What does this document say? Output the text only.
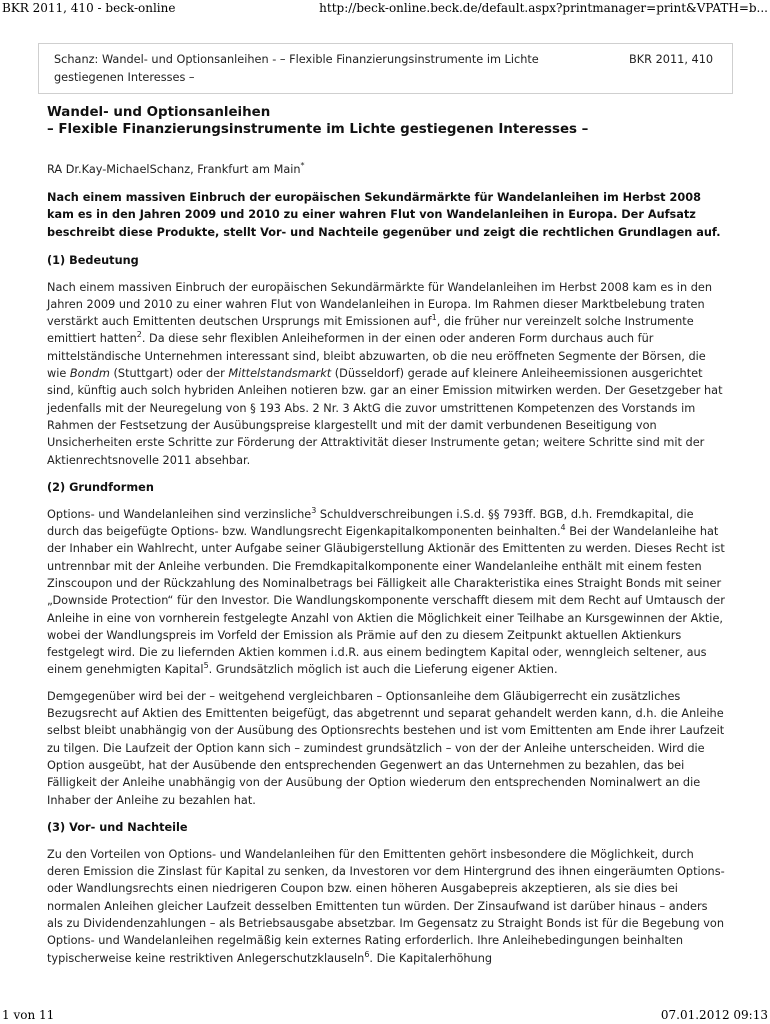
BKR 2011, 410 - beck-online	http://beck-online.beck.de/default.aspx?printmanager=print&VPATH=b...
Schanz: Wandel- und Optionsanleihen - – Flexible Finanzierungsinstrumente im Lichte gestiegenen Interesses –
BKR 2011, 410
Wandel- und Optionsanleihen
– Flexible Finanzierungsinstrumente im Lichte gestiegenen Interesses –
RA Dr.Kay-MichaelSchanz, Frankfurt am Main*
Nach einem massiven Einbruch der europäischen Sekundärmärkte für Wandelanleihen im Herbst 2008 kam es in den Jahren 2009 und 2010 zu einer wahren Flut von Wandelanleihen in Europa. Der Aufsatz beschreibt diese Produkte, stellt Vor- und Nachteile gegenüber und zeigt die rechtlichen Grundlagen auf.
(1) Bedeutung

Nach einem massiven Einbruch der europäischen Sekundärmärkte für Wandelanleihen im Herbst 2008 kam es in den Jahren 2009 und 2010 zu einer wahren Flut von Wandelanleihen in Europa. Im Rahmen dieser Marktbelebung traten verstärkt auch Emittenten deutschen Ursprungs mit Emissionen auf$^1$, die früher nur vereinzelt solche Instrumente emittiert hatten$^2$. Da diese sehr flexiblen Anleiheformen in der einen oder anderen Form durchaus auch für mittelständische Unternehmen interessant sind, bleibt abzuwarten, ob die neu eröffneten Segmente der Börsen, die wie Bondm (Stuttgart) oder der Mittelstandsmarkt (Düsseldorf) gerade auf kleinere Anleiheemissionen ausgerichtet sind, künftig auch solch hybriden Anleihen notieren bzw. gar an einer Emission mitwirken werden. Der Gesetzgeber hat jedenfalls mit der Neuregelung von § 193 Abs. 2 Nr. 3 AktG die zuvor umstrittenen Kompetenzen des Vorstands im Rahmen der Festsetzung der Ausübungspreise klargestellt und mit der damit verbundenen Beseitigung von Unsicherheiten erste Schritte zur Förderung der Attraktivität dieser Instrumente getan; weitere Schritte sind mit der Aktienrechtsnovelle 2011 absehbar.

(2) Grundformen

Options- und Wandelanleihen sind verzinsliche$^3$ Schuldverschreibungen i.S.d. §§ 793ff. BGB, d.h. Fremdkapital, die durch das beigefügte Options- bzw. Wandlungsrecht Eigenkapitalkomponenten beinhalten.$^4$ Bei der Wandelanleihe hat der Inhaber ein Wahlrecht, unter Aufgabe seiner Gläubigerstellung Aktionär des Emittenten zu werden. Dieses Recht ist untrennbar mit der Anleihe verbunden. Die Fremdkapitalkomponente einer Wandelanleihe enthält mit einem festen Zinscoupon und der Rückzahlung des Nominalbetrags bei Fälligkeit alle Charakteristika eines Straight Bonds mit seiner „Downside Protection“ für den Investor. Die Wandlungskomponente verschafft diesem mit dem Recht auf Umtausch der Anleihe in eine von vornherein festgelegte Anzahl von Aktien die Möglichkeit einer Teilhabe an Kursgewinnen der Aktie, wobei der Wandlungspreis im Vorfeld der Emission als Prämie auf den zu diesem Zeitpunkt aktuellen Aktienkurs festgelegt wird. Die zu liefernden Aktien kommen i.d.R. aus einem bedingtem Kapital oder, wenngleich seltener, aus einem genehmigten Kapital$^5$. Grundsätzlich möglich ist auch die Lieferung eigener Aktien.

Demgegenüber wird bei der – weitgehend vergleichbaren – Optionsanleihe dem Gläubigerrecht ein zusätzliches Bezugsrecht auf Aktien des Emittenten beigefügt, das abgetrennt und separat gehandelt werden kann, d.h. die Anleihe selbst bleibt unabhängig von der Ausübung des Optionsrechts bestehen und ist vom Emittenten am Ende ihrer Laufzeit zu tilgen. Die Laufzeit der Option kann sich – zumindest grundsätzlich – von der der Anleihe unterscheiden. Wird die Option ausgeübt, hat der Ausübende den entsprechenden Gegenwert an das Unternehmen zu bezahlen, das bei Fälligkeit der Anleihe unabhängig von der Ausübung der Option wiederum den entsprechenden Nominalwert an die Inhaber der Anleihe zu bezahlen hat.

(3) Vor- und Nachteile

Zu den Vorteilen von Options- und Wandelanleihen für den Emittenten gehört insbesondere die Möglichkeit, durch deren Emission die Zinslast für Kapital zu senken, da Investoren vor dem Hintergrund des ihnen eingeräumten Options- oder Wandlungsrechts einen niedrigeren Coupon bzw. einen höheren Ausgabepreis akzeptieren, als sie dies bei normalen Anleihen gleicher Laufzeit desselben Emittenten tun würden. Der Zinsaufwand ist darüber hinaus – anders als zu Dividendenzahlungen – als Betriebsausgabe absetzbar. Im Gegensatz zu Straight Bonds ist für die Begebung von Options- und Wandelanleihen regelmäßig kein externes Rating erforderlich. Ihre Anleihebedingungen beinhalten typischerweise keine restriktiven Anlegerschutzklauseln$^6$. Die Kapitalerhöhung

1 von 11	07.01.2012 09:13
